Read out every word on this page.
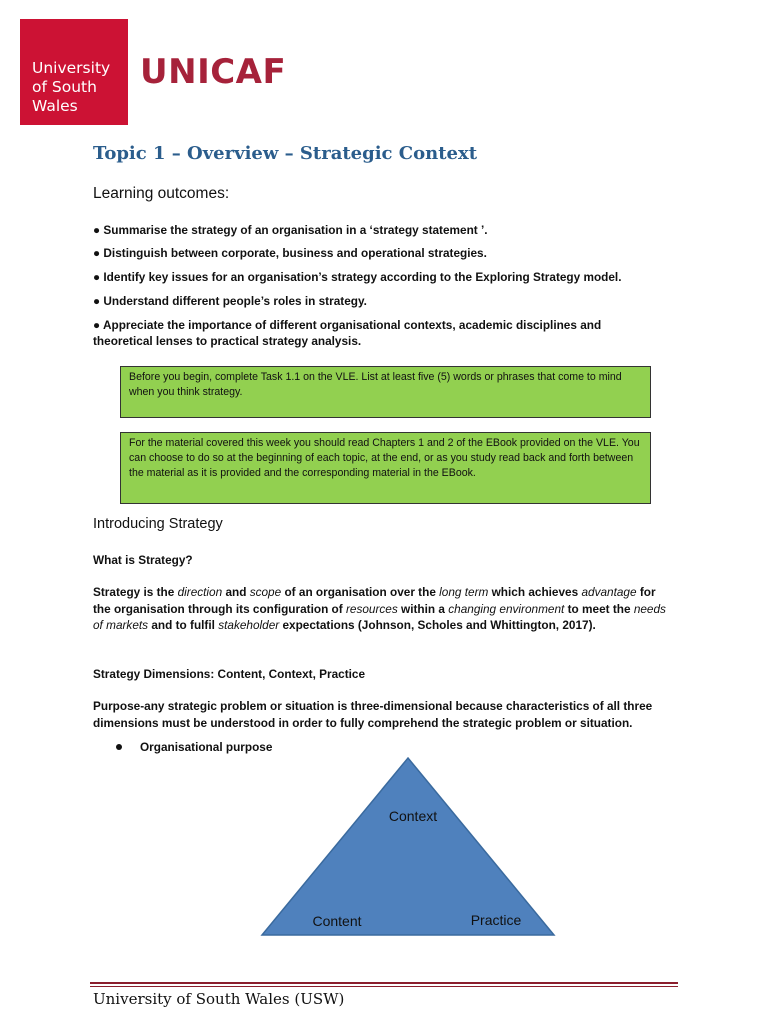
University
of South
Wales
UNICAF
Topic 1 – Overview – Strategic Context
Learning outcomes:
● Summarise the strategy of an organisation in a ‘strategy statement ’.
● Distinguish between corporate, business and operational strategies.
● Identify key issues for an organisation’s strategy according to the Exploring Strategy model.
● Understand different people’s roles in strategy.
● Appreciate the importance of different organisational contexts, academic disciplines and theoretical lenses to practical strategy analysis.
Before you begin, complete Task 1.1 on the VLE. List at least five (5) words or phrases that come to mind when you think strategy.
For the material covered this week you should read Chapters 1 and 2 of the EBook provided on the VLE. You can choose to do so at the beginning of each topic, at the end, or as you study read back and forth between the material as it is provided and the corresponding material in the EBook.
Introducing Strategy
What is Strategy?
Strategy is the direction and scope of an organisation over the long term which achieves advantage for the organisation through its configuration of resources within a changing environment to meet the needs of markets and to fulfil stakeholder expectations (Johnson, Scholes and Whittington, 2017).
Strategy Dimensions: Content, Context, Practice
Purpose-any strategic problem or situation is three-dimensional because characteristics of all three dimensions must be understood in order to fully comprehend the strategic problem or situation.
Organisational purpose
Context
Content	Practice
University of South Wales (USW)
